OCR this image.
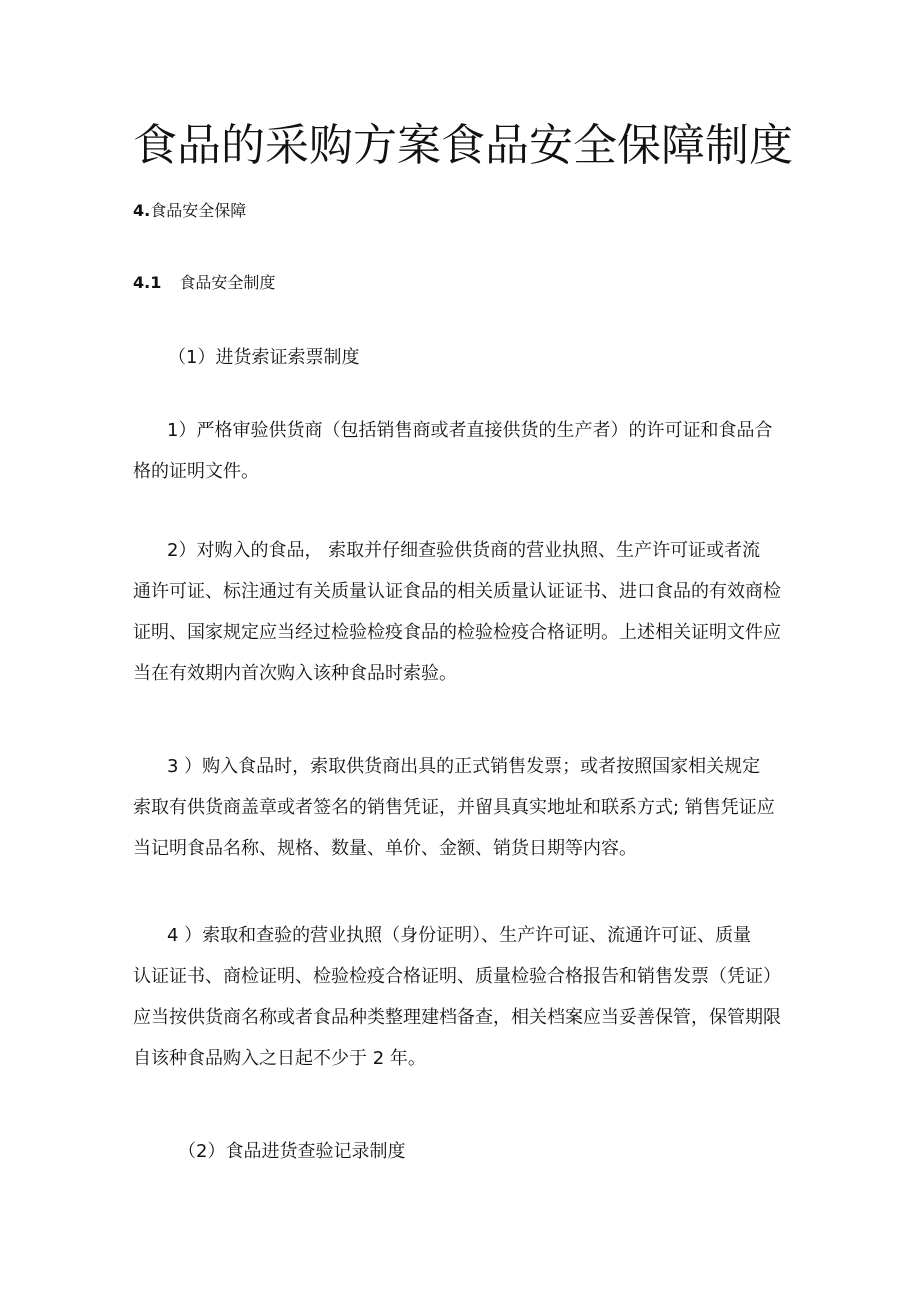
食品的采购方案食品安全保障制度
4.食品安全保障
4.1 食品安全制度
（1）进货索证索票制度

1）严格审验供货商（包括销售商或者直接供货的生产者）的许可证和食品合
格的证明文件。

2）对购入的食品， 索取并仔细查验供货商的营业执照、生产许可证或者流
通许可证、标注通过有关质量认证食品的相关质量认证证书、进口食品的有效商检
证明、国家规定应当经过检验检疫食品的检验检疫合格证明。上述相关证明文件应
当在有效期内首次购入该种食品时索验。

3 ）购入食品时，索取供货商出具的正式销售发票；或者按照国家相关规定
索取有供货商盖章或者签名的销售凭证，并留具真实地址和联系方式; 销售凭证应
当记明食品名称、规格、数量、单价、金额、销货日期等内容。

4 ）索取和查验的营业执照（身份证明）、生产许可证、流通许可证、质量
认证证书、商检证明、检验检疫合格证明、质量检验合格报告和销售发票（凭证）
应当按供货商名称或者食品种类整理建档备查，相关档案应当妥善保管，保管期限
自该种食品购入之日起不少于 2 年。

（2）食品进货查验记录制度
